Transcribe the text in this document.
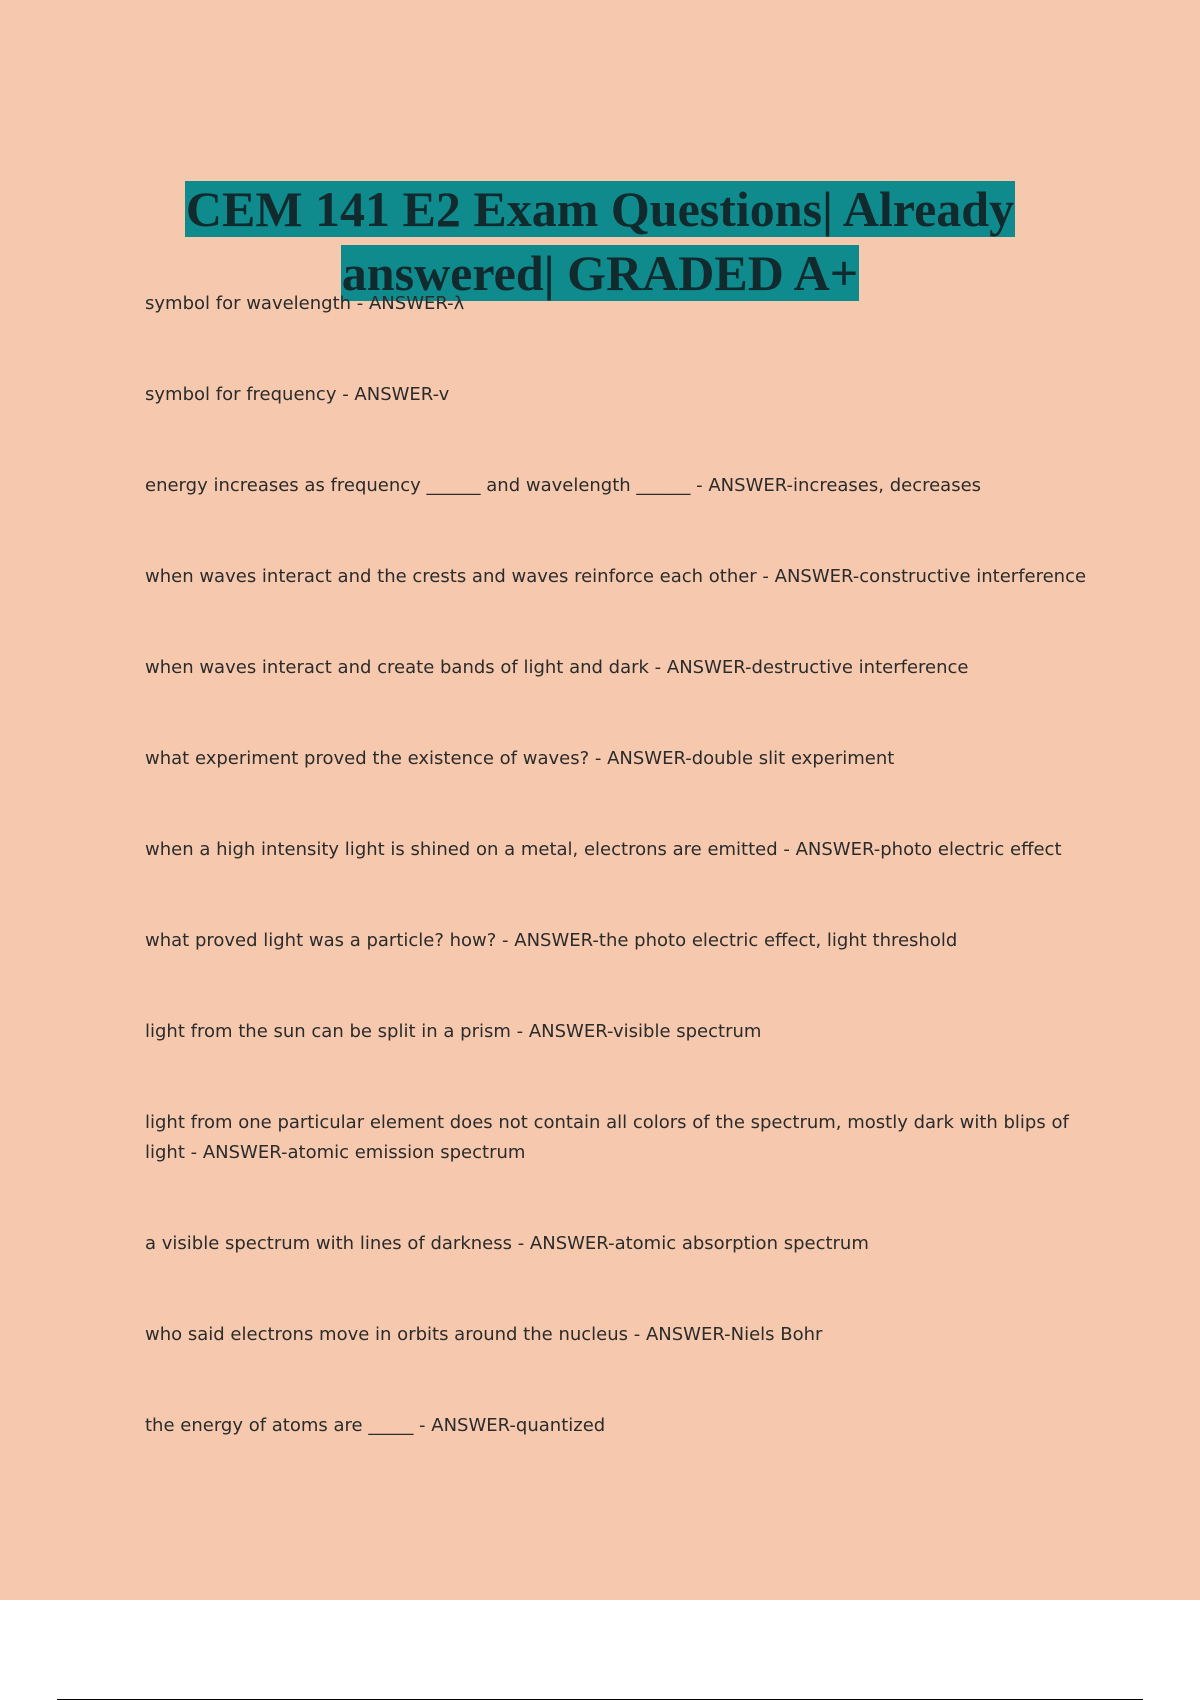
CEM 141 E2 Exam Questions| Already
answered| GRADED A+
symbol for wavelength - ANSWER-λ
symbol for frequency - ANSWER-v
energy increases as frequency ______ and wavelength ______ - ANSWER-increases, decreases
when waves interact and the crests and waves reinforce each other - ANSWER-constructive interference
when waves interact and create bands of light and dark - ANSWER-destructive interference
what experiment proved the existence of waves? - ANSWER-double slit experiment
when a high intensity light is shined on a metal, electrons are emitted - ANSWER-photo electric effect
what proved light was a particle? how? - ANSWER-the photo electric effect, light threshold
light from the sun can be split in a prism - ANSWER-visible spectrum
light from one particular element does not contain all colors of the spectrum, mostly dark with blips of light - ANSWER-atomic emission spectrum
a visible spectrum with lines of darkness - ANSWER-atomic absorption spectrum
who said electrons move in orbits around the nucleus - ANSWER-Niels Bohr
the energy of atoms are _____ - ANSWER-quantized
